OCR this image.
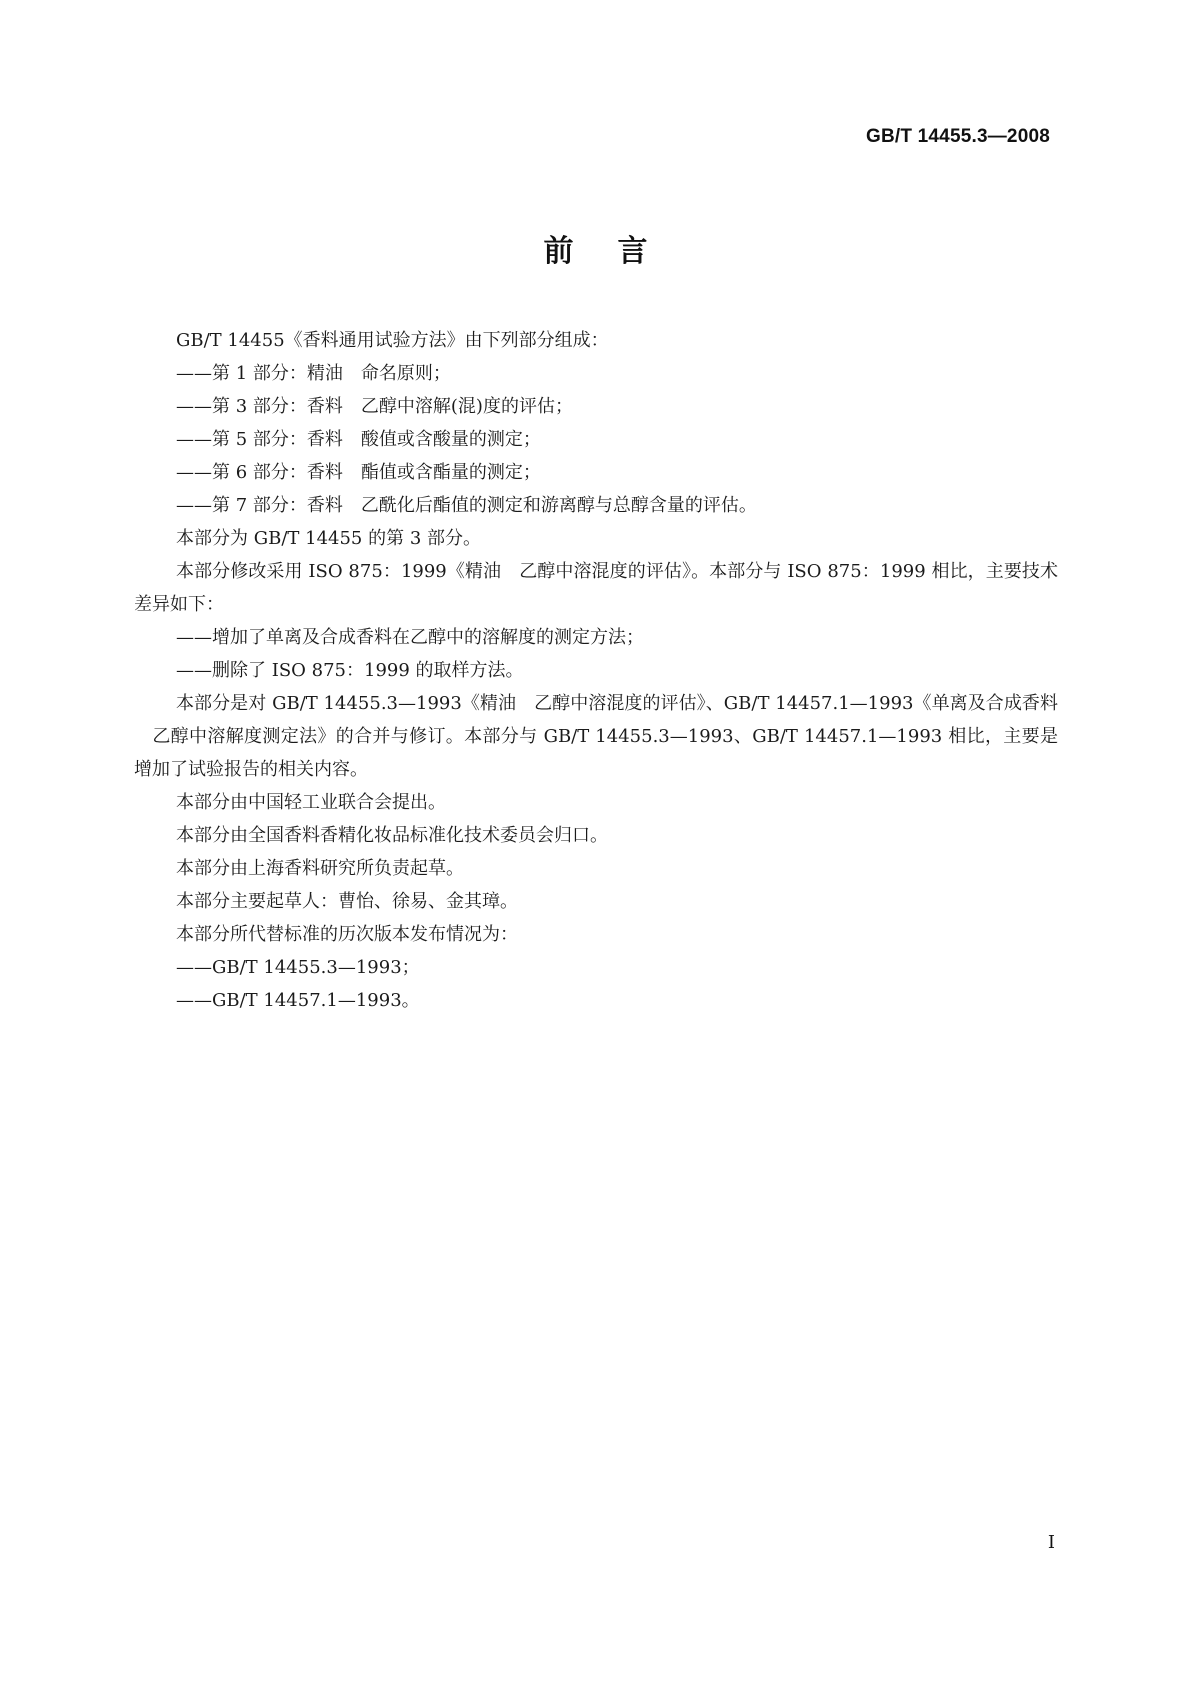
GB/T 14455.3—2008
前言
GB/T 14455《香料通用试验方法》由下列部分组成：
——第 1 部分：精油 命名原则；
——第 3 部分：香料 乙醇中溶解(混)度的评估；
——第 5 部分：香料 酸值或含酸量的测定；
——第 6 部分：香料 酯值或含酯量的测定；
——第 7 部分：香料 乙酰化后酯值的测定和游离醇与总醇含量的评估。
本部分为 GB/T 14455 的第 3 部分。
本部分修改采用 ISO 875：1999《精油 乙醇中溶混度的评估》。本部分与 ISO 875：1999 相比，主要技术差异如下：
——增加了单离及合成香料在乙醇中的溶解度的测定方法；
——删除了 ISO 875：1999 的取样方法。
本部分是对 GB/T 14455.3—1993《精油 乙醇中溶混度的评估》、GB/T 14457.1—1993《单离及合成香料乙醇中溶解度测定法》的合并与修订。本部分与 GB/T 14455.3—1993、GB/T 14457.1—1993 相比，主要是增加了试验报告的相关内容。
本部分由中国轻工业联合会提出。
本部分由全国香料香精化妆品标准化技术委员会归口。
本部分由上海香料研究所负责起草。
本部分主要起草人：曹怡、徐易、金其璋。
本部分所代替标准的历次版本发布情况为：
——GB/T 14455.3—1993；
——GB/T 14457.1—1993。
I
